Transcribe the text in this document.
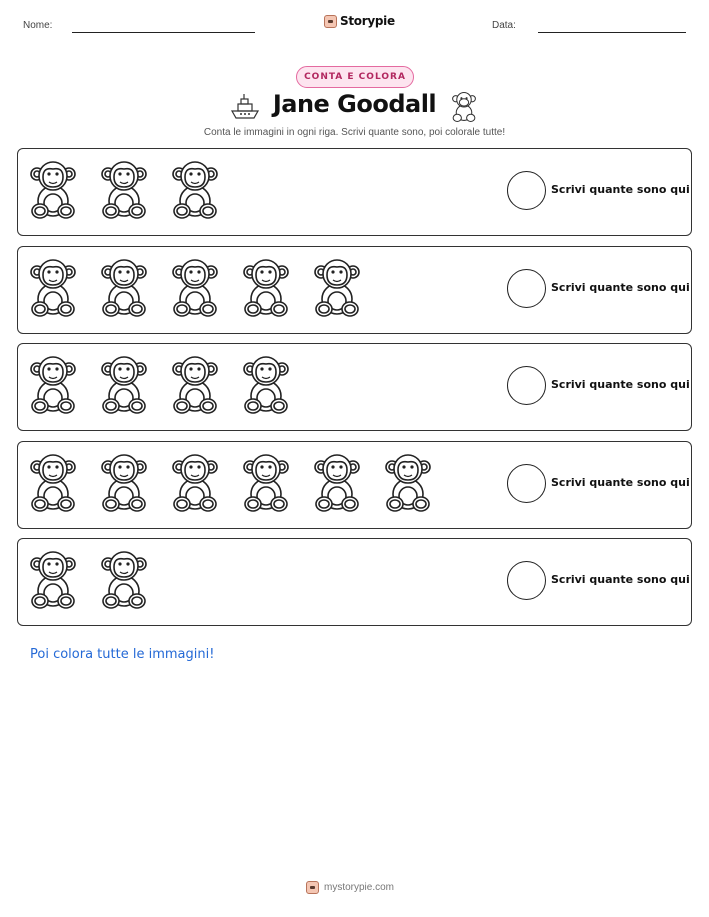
Nome:	Storypie	Data:
CONTA E COLORA
Jane Goodall
Conta le immagini in ogni riga. Scrivi quante sono, poi colorale tutte!
Scrivi quante sono qui
Scrivi quante sono qui
Scrivi quante sono qui
Scrivi quante sono qui
Scrivi quante sono qui
Poi colora tutte le immagini!
mystorypie.com
